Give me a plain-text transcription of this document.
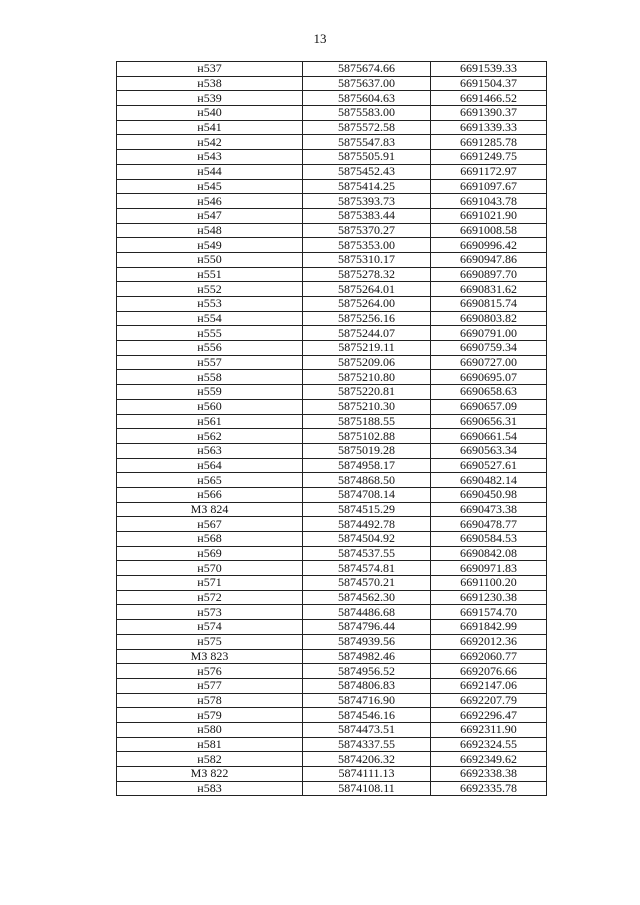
13
н537	5875674.66	6691539.33
н538	5875637.00	6691504.37
н539	5875604.63	6691466.52
н540	5875583.00	6691390.37
н541	5875572.58	6691339.33
н542	5875547.83	6691285.78
н543	5875505.91	6691249.75
н544	5875452.43	6691172.97
н545	5875414.25	6691097.67
н546	5875393.73	6691043.78
н547	5875383.44	6691021.90
н548	5875370.27	6691008.58
н549	5875353.00	6690996.42
н550	5875310.17	6690947.86
н551	5875278.32	6690897.70
н552	5875264.01	6690831.62
н553	5875264.00	6690815.74
н554	5875256.16	6690803.82
н555	5875244.07	6690791.00
н556	5875219.11	6690759.34
н557	5875209.06	6690727.00
н558	5875210.80	6690695.07
н559	5875220.81	6690658.63
н560	5875210.30	6690657.09
н561	5875188.55	6690656.31
н562	5875102.88	6690661.54
н563	5875019.28	6690563.34
н564	5874958.17	6690527.61
н565	5874868.50	6690482.14
н566	5874708.14	6690450.98
МЗ 824	5874515.29	6690473.38
н567	5874492.78	6690478.77
н568	5874504.92	6690584.53
н569	5874537.55	6690842.08
н570	5874574.81	6690971.83
н571	5874570.21	6691100.20
н572	5874562.30	6691230.38
н573	5874486.68	6691574.70
н574	5874796.44	6691842.99
н575	5874939.56	6692012.36
МЗ 823	5874982.46	6692060.77
н576	5874956.52	6692076.66
н577	5874806.83	6692147.06
н578	5874716.90	6692207.79
н579	5874546.16	6692296.47
н580	5874473.51	6692311.90
н581	5874337.55	6692324.55
н582	5874206.32	6692349.62
МЗ 822	5874111.13	6692338.38
н583	5874108.11	6692335.78
